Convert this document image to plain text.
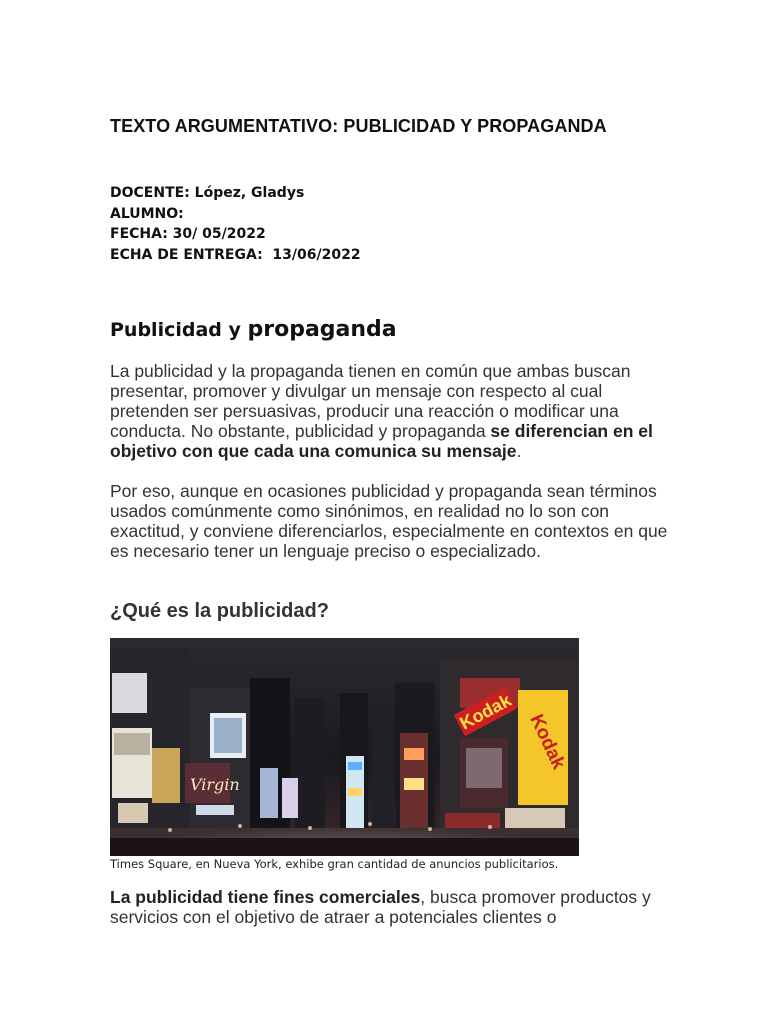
TEXTO ARGUMENTATIVO: PUBLICIDAD Y PROPAGANDA
DOCENTE: López, Gladys
ALUMNO:
FECHA: 30/ 05/2022
ECHA DE ENTREGA:  13/06/2022
Publicidad y propaganda

La publicidad y la propaganda tienen en común que ambas buscan presentar, promover y divulgar un mensaje con respecto al cual pretenden ser persuasivas, producir una reacción o modificar una conducta. No obstante, publicidad y propaganda se diferencian en el objetivo con que cada una comunica su mensaje.

Por eso, aunque en ocasiones publicidad y propaganda sean términos usados comúnmente como sinónimos, en realidad no lo son con exactitud, y conviene diferenciarlos, especialmente en contextos en que es necesario tener un lenguaje preciso o especializado.

¿Qué es la publicidad?
Virgin
Kodak Kodak
Times Square, en Nueva York, exhibe gran cantidad de anuncios publicitarios.

La publicidad tiene fines comerciales, busca promover productos y servicios con el objetivo de atraer a potenciales clientes o
